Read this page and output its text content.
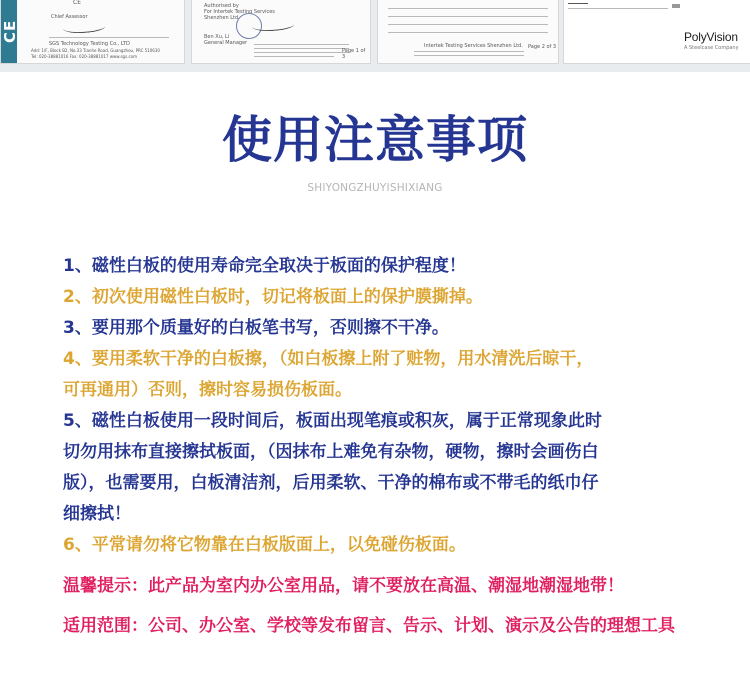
CE
CE
Chief Assessor
SGS Technology Testing Co., LTD
Add: 1/F, Block B2, No.33 Tianhe Road, Guangzhou, PRC 510630
Tel: 020-38881016 Fax: 020-38881017 www.sgs.com
Authorised by
For Intertek Testing Services
Shenzhen Ltd.
Ben Xu, Li
General Manager
Page 1 of 3
Intertek Testing Services Shenzhen Ltd. Page 2 of 3
PolyVision
A Steelcase Company
使用注意事项
SHIYONGZHUYISHIXIANG

1、磁性白板的使用寿命完全取决于板面的保护程度！

2、初次使用磁性白板时，切记将板面上的保护膜撕掉。

3、要用那个质量好的白板笔书写，否则擦不干净。

4、要用柔软干净的白板擦，（如白板擦上附了赃物，用水清洗后晾干，
可再通用）否则，擦时容易损伤板面。

5、磁性白板使用一段时间后，板面出现笔痕或积灰，属于正常现象此时
切勿用抹布直接擦拭板面，（因抹布上难免有杂物，硬物，擦时会画伤白
版），也需要用，白板清洁剂，后用柔软、干净的棉布或不带毛的纸巾仔
细擦拭！

6、平常请勿将它物靠在白板版面上，以免碰伤板面。

温馨提示：此产品为室内办公室用品，请不要放在高温、潮湿地潮湿地带！

适用范围：公司、办公室、学校等发布留言、告示、计划、演示及公告的理想工具
